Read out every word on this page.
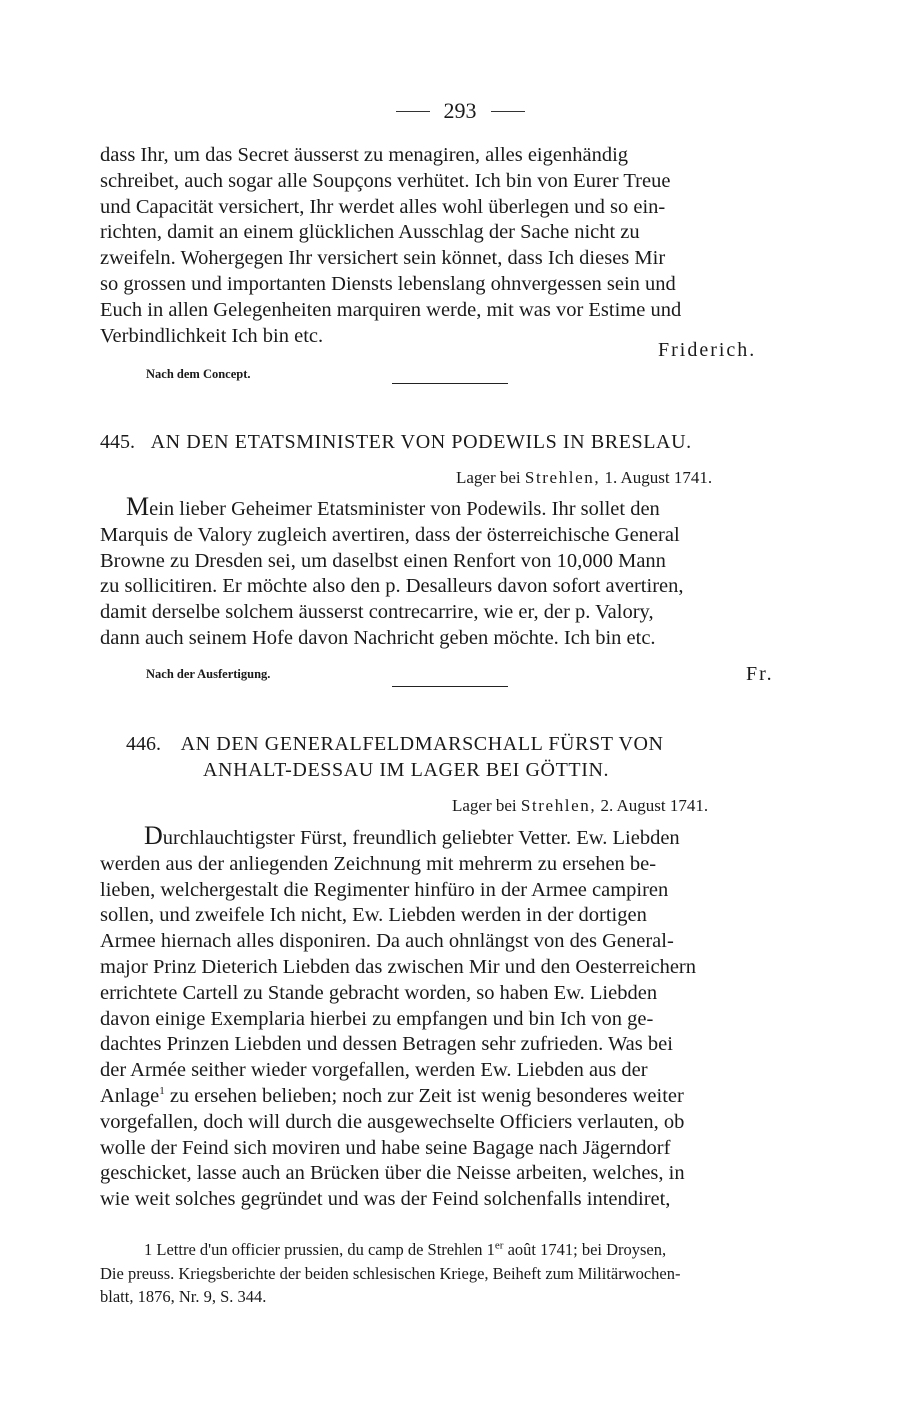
293

dass Ihr, um das Secret äusserst zu menagiren, alles eigenhändig

schreibet, auch sogar alle Soupçons verhütet. Ich bin von Eurer Treue

und Capacität versichert, Ihr werdet alles wohl überlegen und so ein-

richten, damit an einem glücklichen Ausschlag der Sache nicht zu

zweifeln. Wohergegen Ihr versichert sein könnet, dass Ich dieses Mir

so grossen und importanten Diensts lebenslang ohnvergessen sein und

Euch in allen Gelegenheiten marquiren werde, mit was vor Estime und

Verbindlichkeit Ich bin etc.

Friderich.
Nach dem Concept.
445. AN DEN ETATSMINISTER VON PODEWILS IN BRESLAU.
Lager bei Strehlen, 1. August 1741.

Mein lieber Geheimer Etatsminister von Podewils. Ihr sollet den

Marquis de Valory zugleich avertiren, dass der österreichische General

Browne zu Dresden sei, um daselbst einen Renfort von 10,000 Mann

zu sollicitiren. Er möchte also den p. Desalleurs davon sofort avertiren,

damit derselbe solchem äusserst contrecarrire, wie er, der p. Valory,

dann auch seinem Hofe davon Nachricht geben möchte. Ich bin etc.

Nach der Ausfertigung.	Fr.
446. AN DEN GENERALFELDMARSCHALL FÜRST VON
ANHALT-DESSAU IM LAGER BEI GÖTTIN.
Lager bei Strehlen, 2. August 1741.

Durchlauchtigster Fürst, freundlich geliebter Vetter. Ew. Liebden

werden aus der anliegenden Zeichnung mit mehrerm zu ersehen be-

lieben, welchergestalt die Regimenter hinfüro in der Armee campiren

sollen, und zweifele Ich nicht, Ew. Liebden werden in der dortigen

Armee hiernach alles disponiren. Da auch ohnlängst von des General-

major Prinz Dieterich Liebden das zwischen Mir und den Oesterreichern

errichtete Cartell zu Stande gebracht worden, so haben Ew. Liebden

davon einige Exemplaria hierbei zu empfangen und bin Ich von ge-

dachtes Prinzen Liebden und dessen Betragen sehr zufrieden. Was bei

der Armée seither wieder vorgefallen, werden Ew. Liebden aus der

Anlage$^1$ zu ersehen belieben; noch zur Zeit ist wenig besonderes weiter

vorgefallen, doch will durch die ausgewechselte Officiers verlauten, ob

wolle der Feind sich moviren und habe seine Bagage nach Jägerndorf

geschicket, lasse auch an Brücken über die Neisse arbeiten, welches, in

wie weit solches gegründet und was der Feind solchenfalls intendiret,

1 Lettre d'un officier prussien, du camp de Strehlen 1er août 1741; bei Droysen,

Die preuss. Kriegsberichte der beiden schlesischen Kriege, Beiheft zum Militärwochen-

blatt, 1876, Nr. 9, S. 344.
